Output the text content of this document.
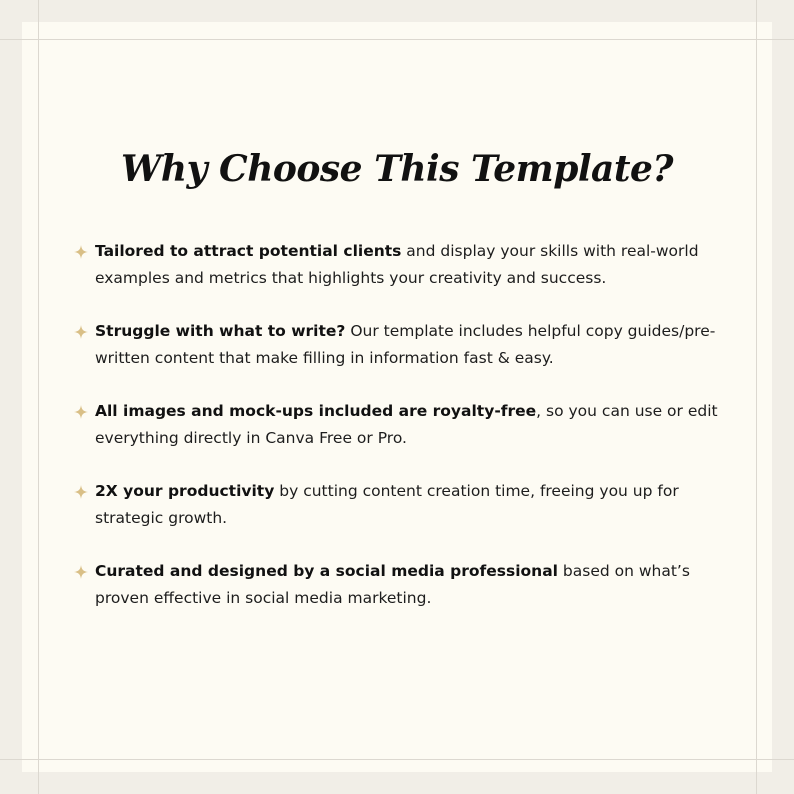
Why Choose This Template?
Tailored to attract potential clients and display your skills with real-world examples and metrics that highlights your creativity and success.
Struggle with what to write? Our template includes helpful copy guides/pre-written content that make filling in information fast & easy.
All images and mock-ups included are royalty-free, so you can use or edit everything directly in Canva Free or Pro.
2X your productivity by cutting content creation time, freeing you up for strategic growth.
Curated and designed by a social media professional based on what’s proven effective in social media marketing.
